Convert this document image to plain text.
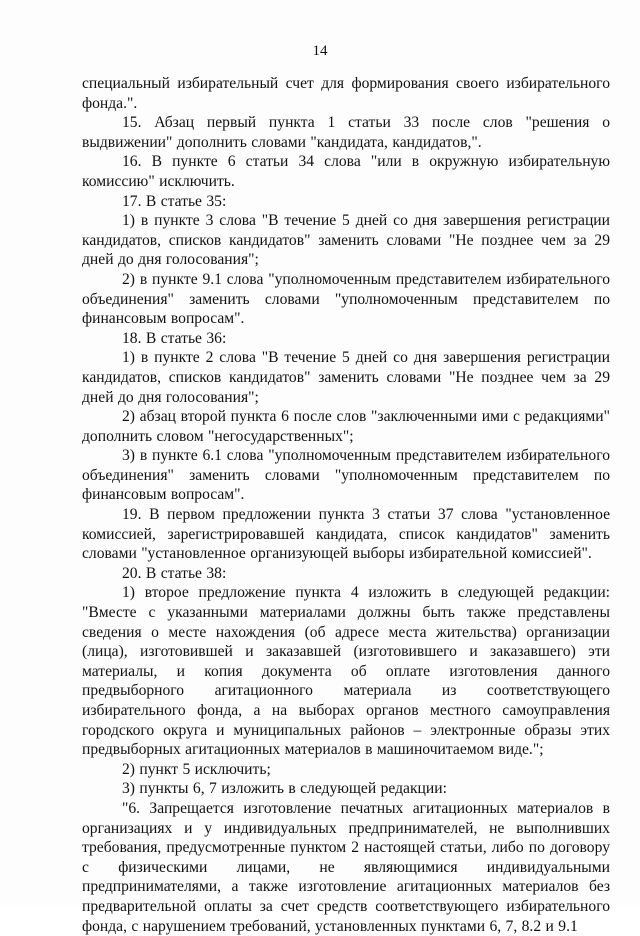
14

специальный избирательный счет для формирования своего избирательного фонда.".

15. Абзац первый пункта 1 статьи 33 после слов "решения о выдвижении" дополнить словами "кандидата, кандидатов,".

16. В пункте 6 статьи 34 слова "или в окружную избирательную комиссию" исключить.

17. В статье 35:

1) в пункте 3 слова "В течение 5 дней со дня завершения регистрации кандидатов, списков кандидатов" заменить словами "Не позднее чем за 29 дней до дня голосования";

2) в пункте 9.1 слова "уполномоченным представителем избирательного объединения" заменить словами "уполномоченным представителем по финансовым вопросам".

18. В статье 36:

1) в пункте 2 слова "В течение 5 дней со дня завершения регистрации кандидатов, списков кандидатов" заменить словами "Не позднее чем за 29 дней до дня голосования";

2) абзац второй пункта 6 после слов "заключенными ими с редакциями" дополнить словом "негосударственных";

3) в пункте 6.1 слова "уполномоченным представителем избирательного объединения" заменить словами "уполномоченным представителем по финансовым вопросам".

19. В первом предложении пункта 3 статьи 37 слова "установленное комиссией, зарегистрировавшей кандидата, список кандидатов" заменить словами "установленное организующей выборы избирательной комиссией".

20. В статье 38:

1) второе предложение пункта 4 изложить в следующей редакции: "Вместе с указанными материалами должны быть также представлены сведения о месте нахождения (об адресе места жительства) организации (лица), изготовившей и заказавшей (изготовившего и заказавшего) эти материалы, и копия документа об оплате изготовления данного предвыборного агитационного материала из соответствующего избирательного фонда, а на выборах органов местного самоуправления городского округа и муниципальных районов – электронные образы этих предвыборных агитационных материалов в машиночитаемом виде.";

2) пункт 5 исключить;

3) пункты 6, 7 изложить в следующей редакции:

"6. Запрещается изготовление печатных агитационных материалов в организациях и у индивидуальных предпринимателей, не выполнивших требования, предусмотренные пунктом 2 настоящей статьи, либо по договору с физическими лицами, не являющимися индивидуальными предпринимателями, а также изготовление агитационных материалов без предварительной оплаты за счет средств соответствующего избирательного фонда, с нарушением требований, установленных пунктами 6, 7, 8.2 и 9.1
